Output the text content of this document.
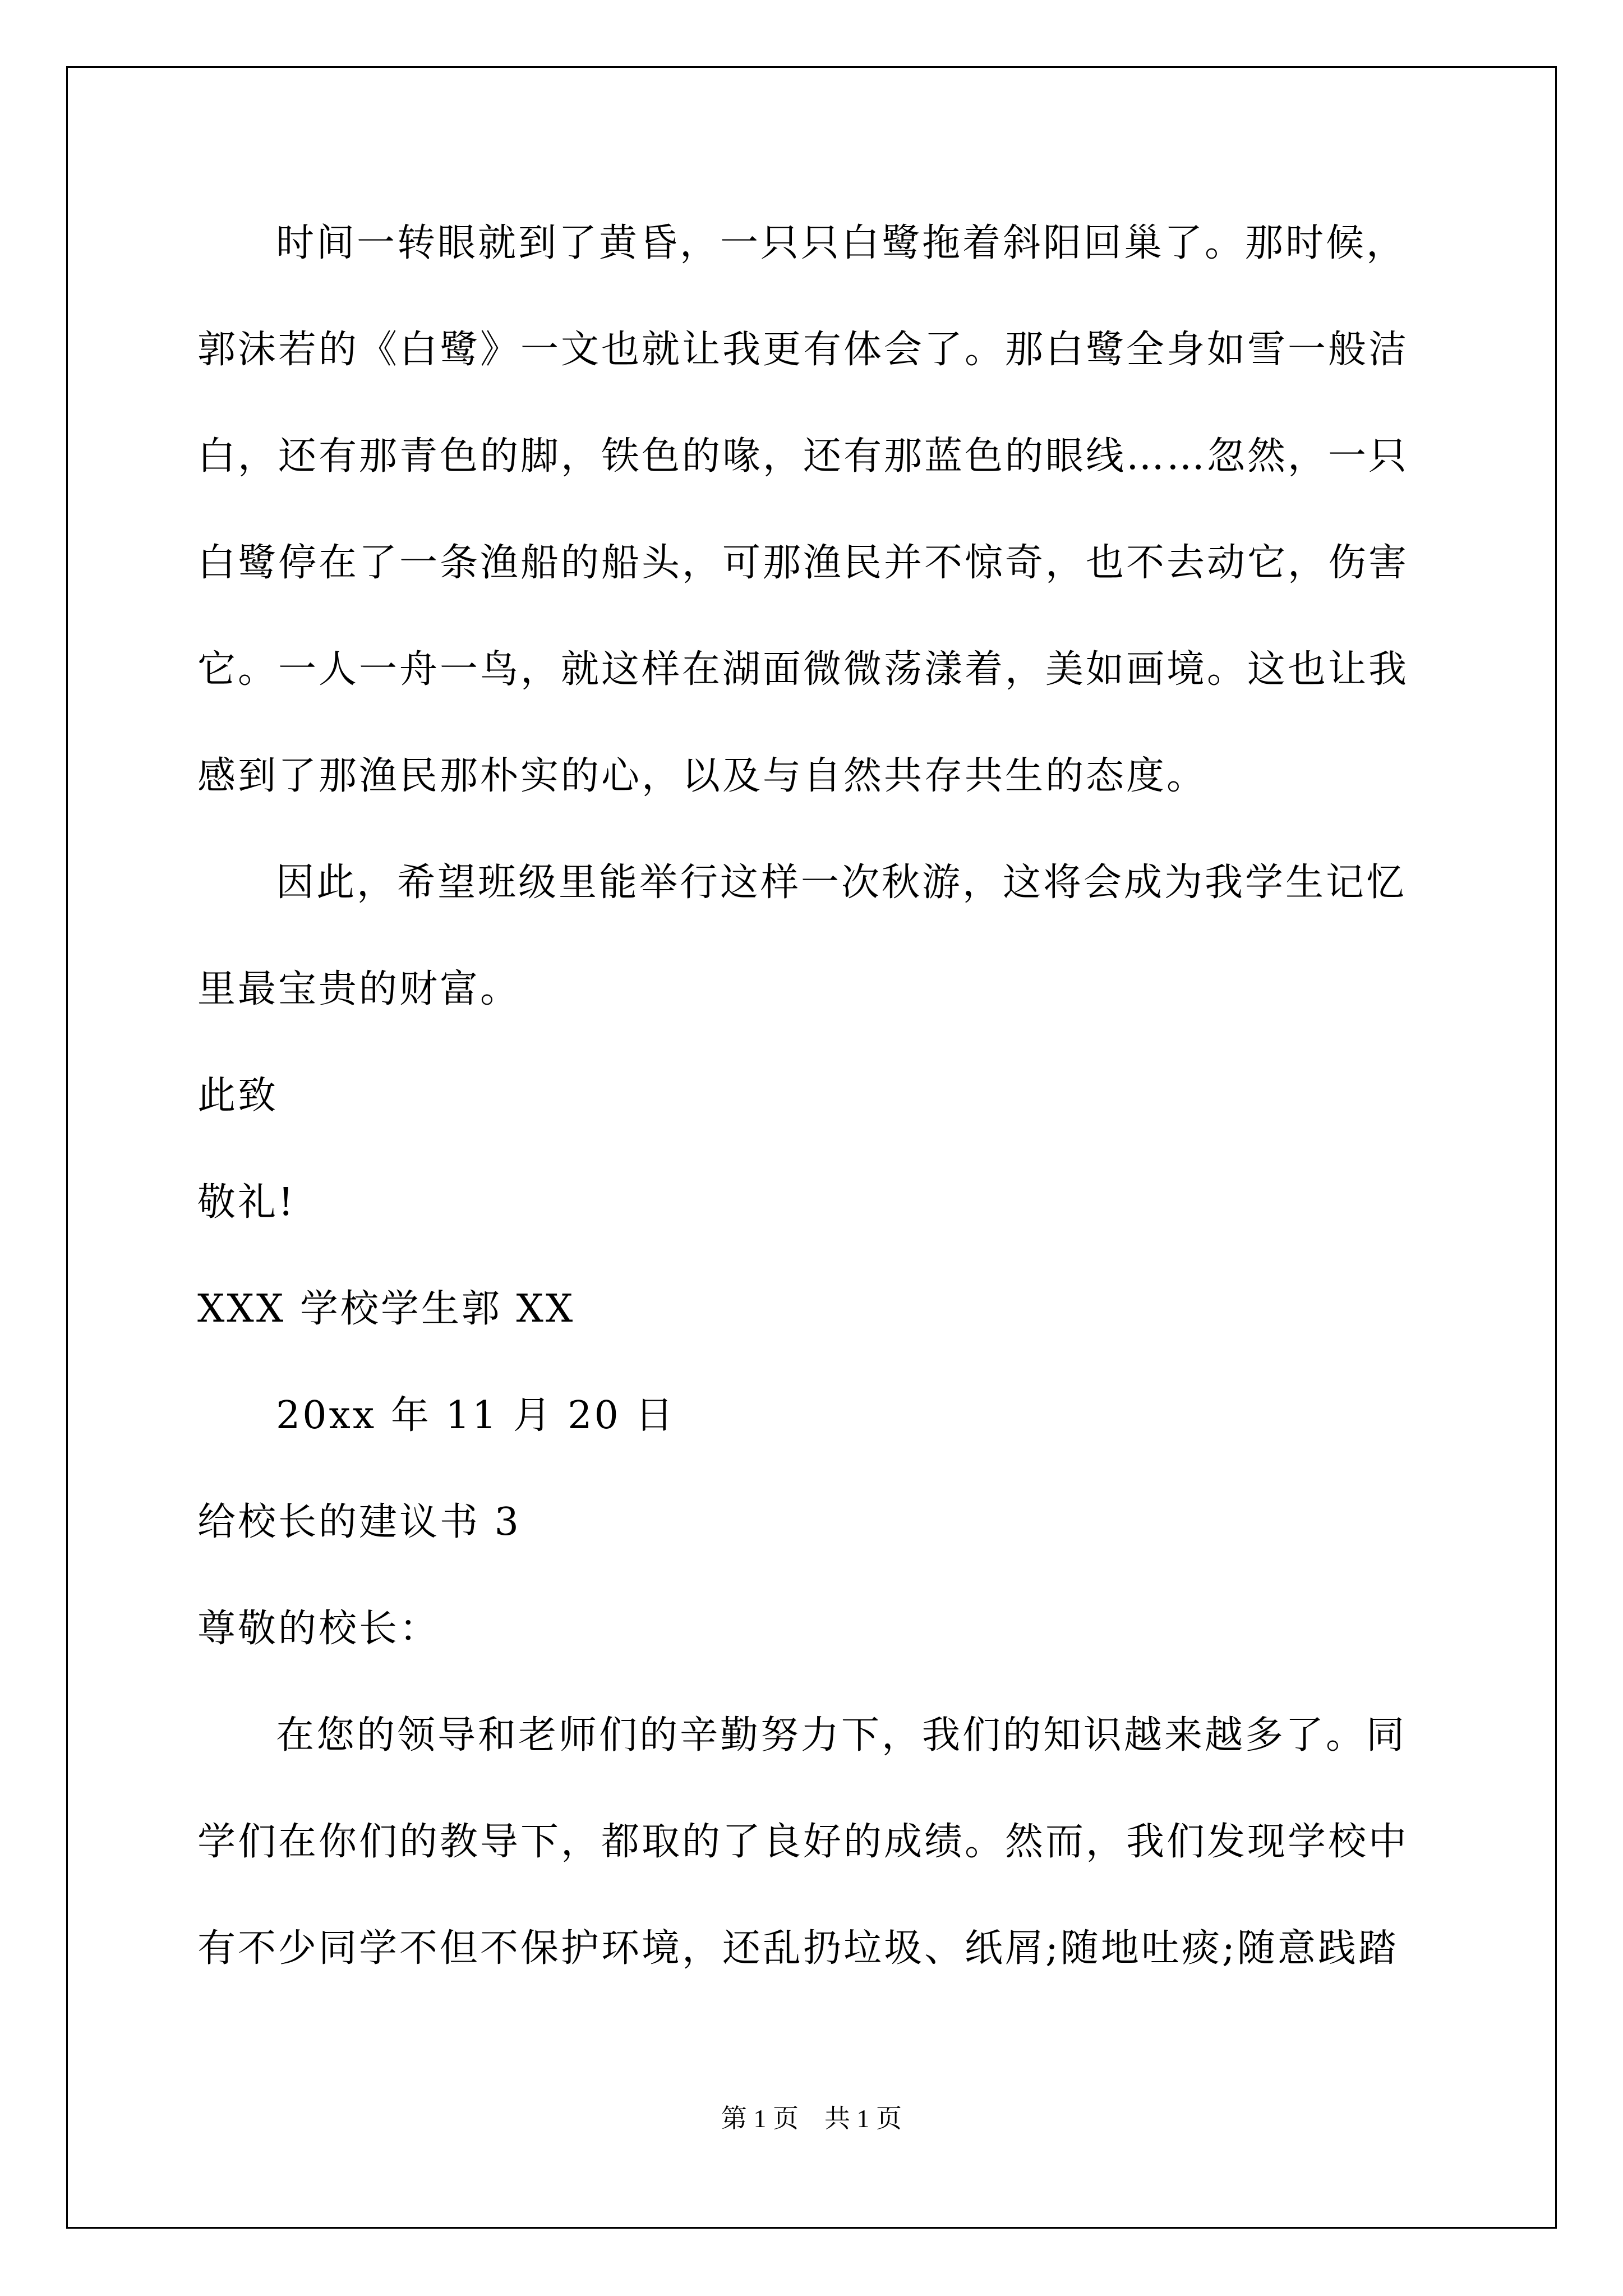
时间一转眼就到了黄昏，一只只白鹭拖着斜阳回巢了。那时候，
郭沫若的《白鹭》一文也就让我更有体会了。那白鹭全身如雪一般洁
白，还有那青色的脚，铁色的喙，还有那蓝色的眼线……忽然，一只
白鹭停在了一条渔船的船头，可那渔民并不惊奇，也不去动它，伤害
它。一人一舟一鸟，就这样在湖面微微荡漾着，美如画境。这也让我
感到了那渔民那朴实的心，以及与自然共存共生的态度。
因此，希望班级里能举行这样一次秋游，这将会成为我学生记忆
里最宝贵的财富。
此致
敬礼!
XXX 学校学生郭 XX
20xx 年 11 月 20 日
给校长的建议书 3
尊敬的校长：
在您的领导和老师们的辛勤努力下，我们的知识越来越多了。同
学们在你们的教导下，都取的了良好的成绩。然而，我们发现学校中
有不少同学不但不保护环境，还乱扔垃圾、纸屑;随地吐痰;随意践踏
第 1 页　共 1 页
